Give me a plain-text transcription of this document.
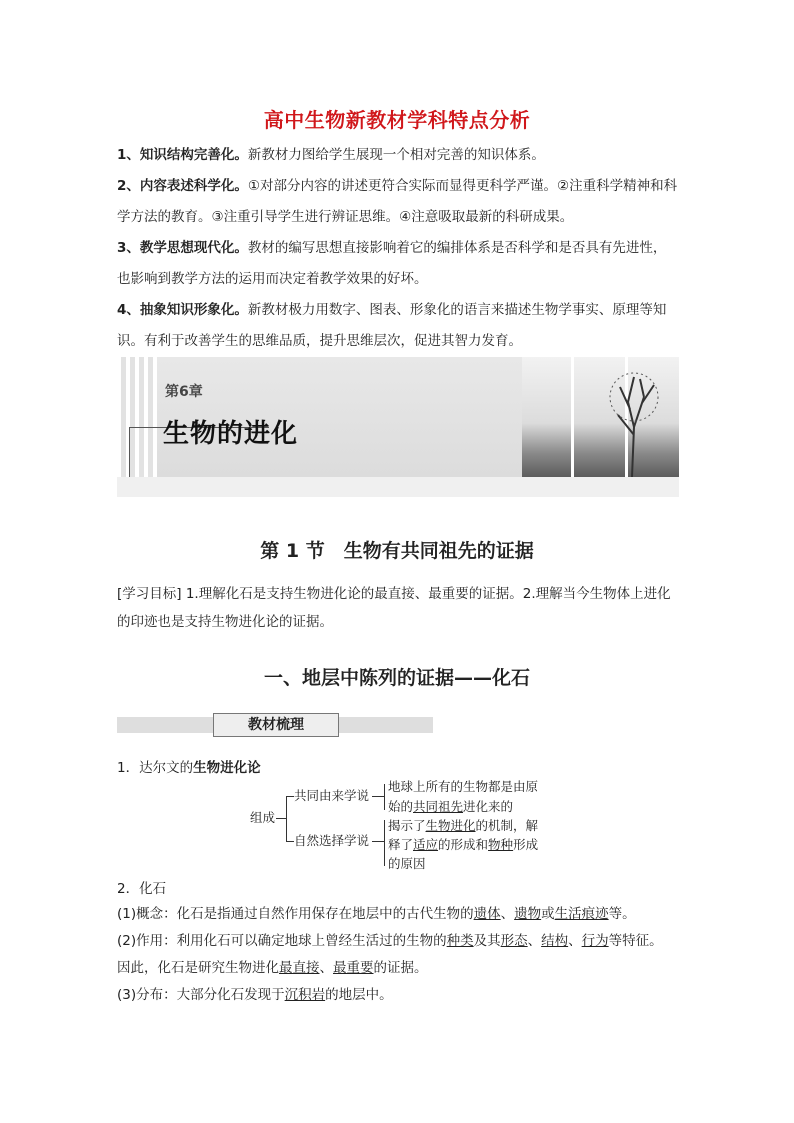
高中生物新教材学科特点分析
1、知识结构完善化。新教材力图给学生展现一个相对完善的知识体系。
2、内容表述科学化。①对部分内容的讲述更符合实际而显得更科学严谨。②注重科学精神和科学方法的教育。③注重引导学生进行辨证思维。④注意吸取最新的科研成果。
3、教学思想现代化。教材的编写思想直接影响着它的编排体系是否科学和是否具有先进性，也影响到教学方法的运用而决定着教学效果的好坏。
4、抽象知识形象化。新教材极力用数字、图表、形象化的语言来描述生物学事实、原理等知识。有利于改善学生的思维品质，提升思维层次，促进其智力发育。
第6章
生物的进化
第 1 节　生物有共同祖先的证据
[学习目标] 1.理解化石是支持生物进化论的最直接、最重要的证据。2.理解当今生物体上进化的印迹也是支持生物进化论的证据。
一、地层中陈列的证据——化石
教材梳理
1．达尔文的生物进化论
组成
共同由来学说
自然选择学说
地球上所有的生物都是由原
始的共同祖先进化来的
揭示了生物进化的机制，解
释了适应的形成和物种形成
的原因
2．化石
(1)概念：化石是指通过自然作用保存在地层中的古代生物的遗体、遗物或生活痕迹等。
(2)作用：利用化石可以确定地球上曾经生活过的生物的种类及其形态、结构、行为等特征。
因此，化石是研究生物进化最直接、最重要的证据。
(3)分布：大部分化石发现于沉积岩的地层中。
